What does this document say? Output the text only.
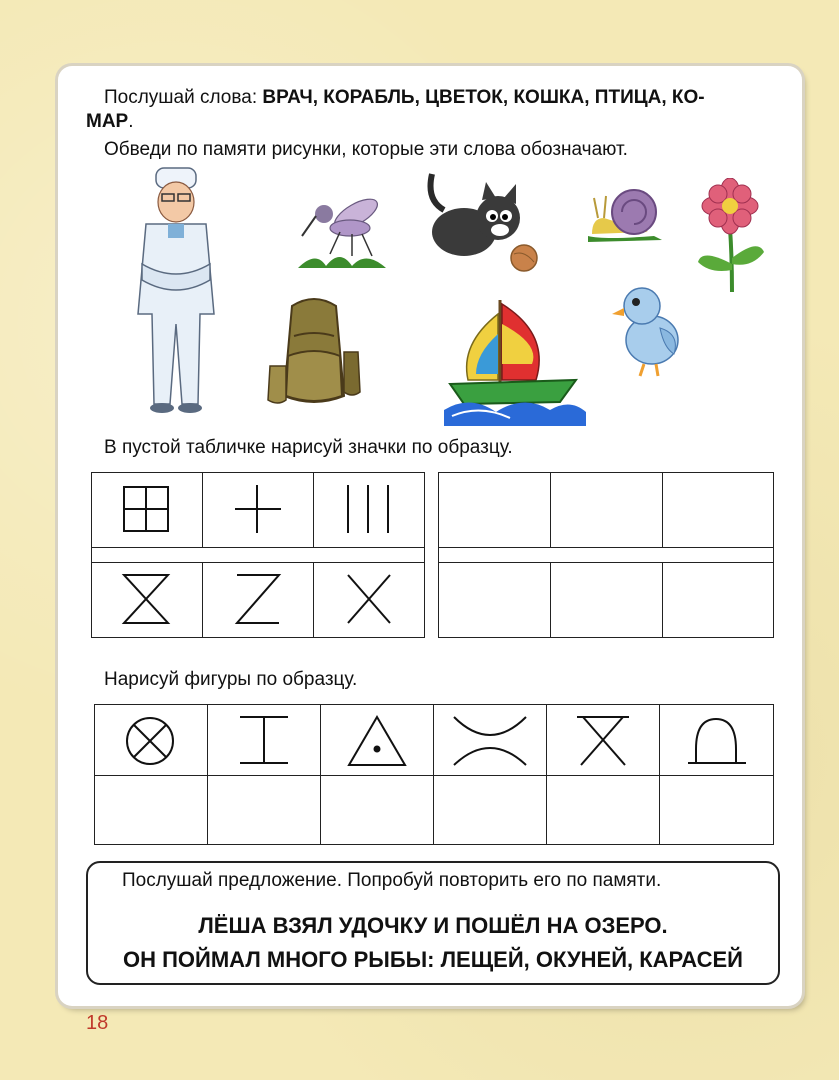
Послушай слова: ВРАЧ, КОРАБЛЬ, ЦВЕТОК, КОШКА, ПТИЦА, КО-
МАР.
Обведи по памяти рисунки, которые эти слова обозначают.
В пустой табличке нарисуй значки по образцу.
Нарисуй фигуры по образцу.
Послушай предложение. Попробуй повторить его по памяти.
ЛЁША ВЗЯЛ УДОЧКУ И ПОШЁЛ НА ОЗЕРО.
ОН ПОЙМАЛ МНОГО РЫБЫ: ЛЕЩЕЙ, ОКУНЕЙ, КАРАСЕЙ
18
